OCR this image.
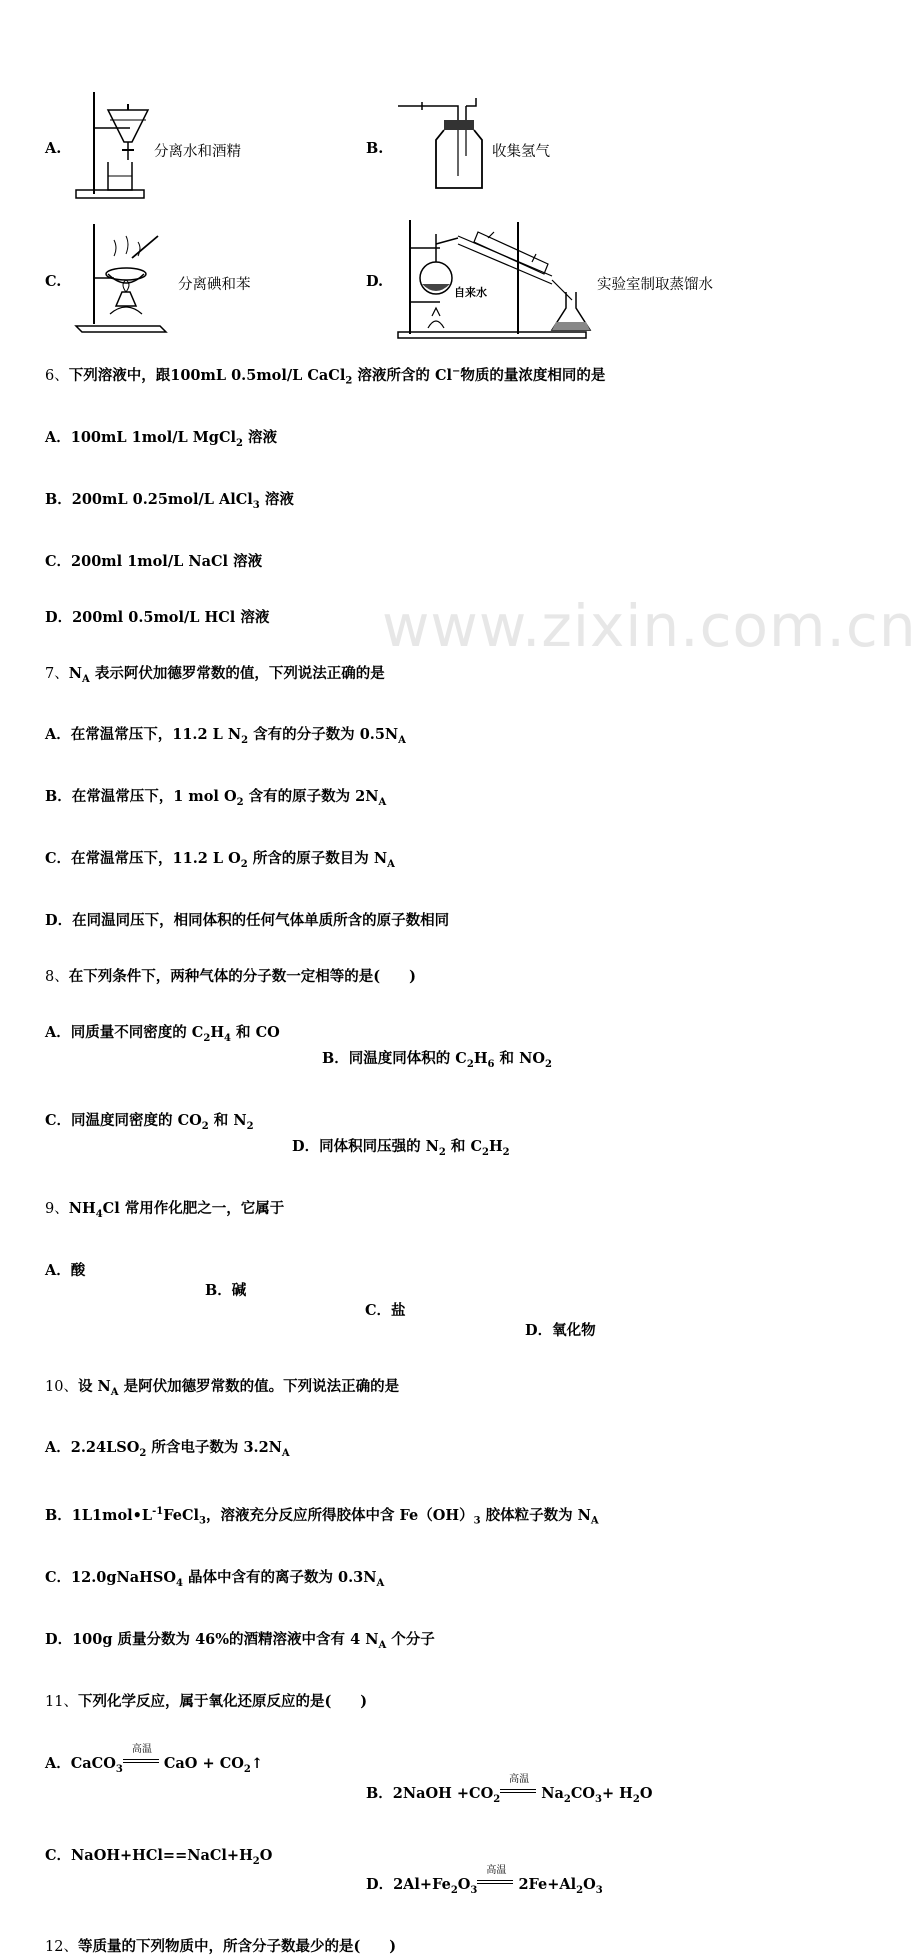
www.zixin.com.cn
A.	分离水和酒精	B.	收集氢气
C.	分离碘和苯	D.
自来水	实验室制取蒸馏水
6、下列溶液中，跟100mL 0.5mol/L CaCl$_2$ 溶液所含的 Cl−物质的量浓度相同的是
A．100mL 1mol/L MgCl$_2$ 溶液
B．200mL 0.25mol/L AlCl$_3$ 溶液
C．200ml 1mol/L NaCl 溶液
D．200ml 0.5mol/L HCl 溶液
7、$N_A$ 表示阿伏加德罗常数的值，下列说法正确的是
A．在常温常压下，11.2 L $N_2$ 含有的分子数为 $0.5N_A$
B．在常温常压下，1 mol $O_2$ 含有的原子数为 $2N_A$
C．在常温常压下，11.2 L $O_2$ 所含的原子数目为 $N_A$
D．在同温同压下，相同体积的任何气体单质所含的原子数相同
8、在下列条件下，两种气体的分子数一定相等的是(　　)
A．同质量不同密度的 $C_2H_4$ 和 CO
B．同温度同体积的 $C_2H_6$ 和 $NO_2$
C．同温度同密度的 $CO_2$ 和 $N_2$
D．同体积同压强的 $N_2$ 和 $C_2H_2$
9、$NH_4Cl$ 常用作化肥之一，它属于
A．酸
B．碱
C．盐
D．氧化物
10、设 $N_A$ 是阿伏加德罗常数的值。下列说法正确的是
A．$2.24LSO_2$ 所含电子数为 $3.2N_A$
B．$1L1mol•L^{-1}FeCl_3$，溶液充分反应所得胶体中含 $Fe(OH)_3$ 胶体粒子数为 $N_A$
C．12.0gNaHSO$_4$ 晶体中含有的离子数为 $0.3N_A$
D．100g 质量分数为 46%的酒精溶液中含有 4 $N_A$ 个分子
11、下列化学反应，属于氧化还原反应的是(　　)
A．CaCO$_3$
高温
CaO + $CO_2↑$
B．2NaOH $+CO_2$
高温
$Na_2CO_3+ H_2O$
C．$NaOH+HCl==NaCl+H_2O$
D．$2Al+Fe_2O_3$
高温
$2Fe+Al_2O_3$
12、等质量的下列物质中，所含分子数最少的是(　　)
